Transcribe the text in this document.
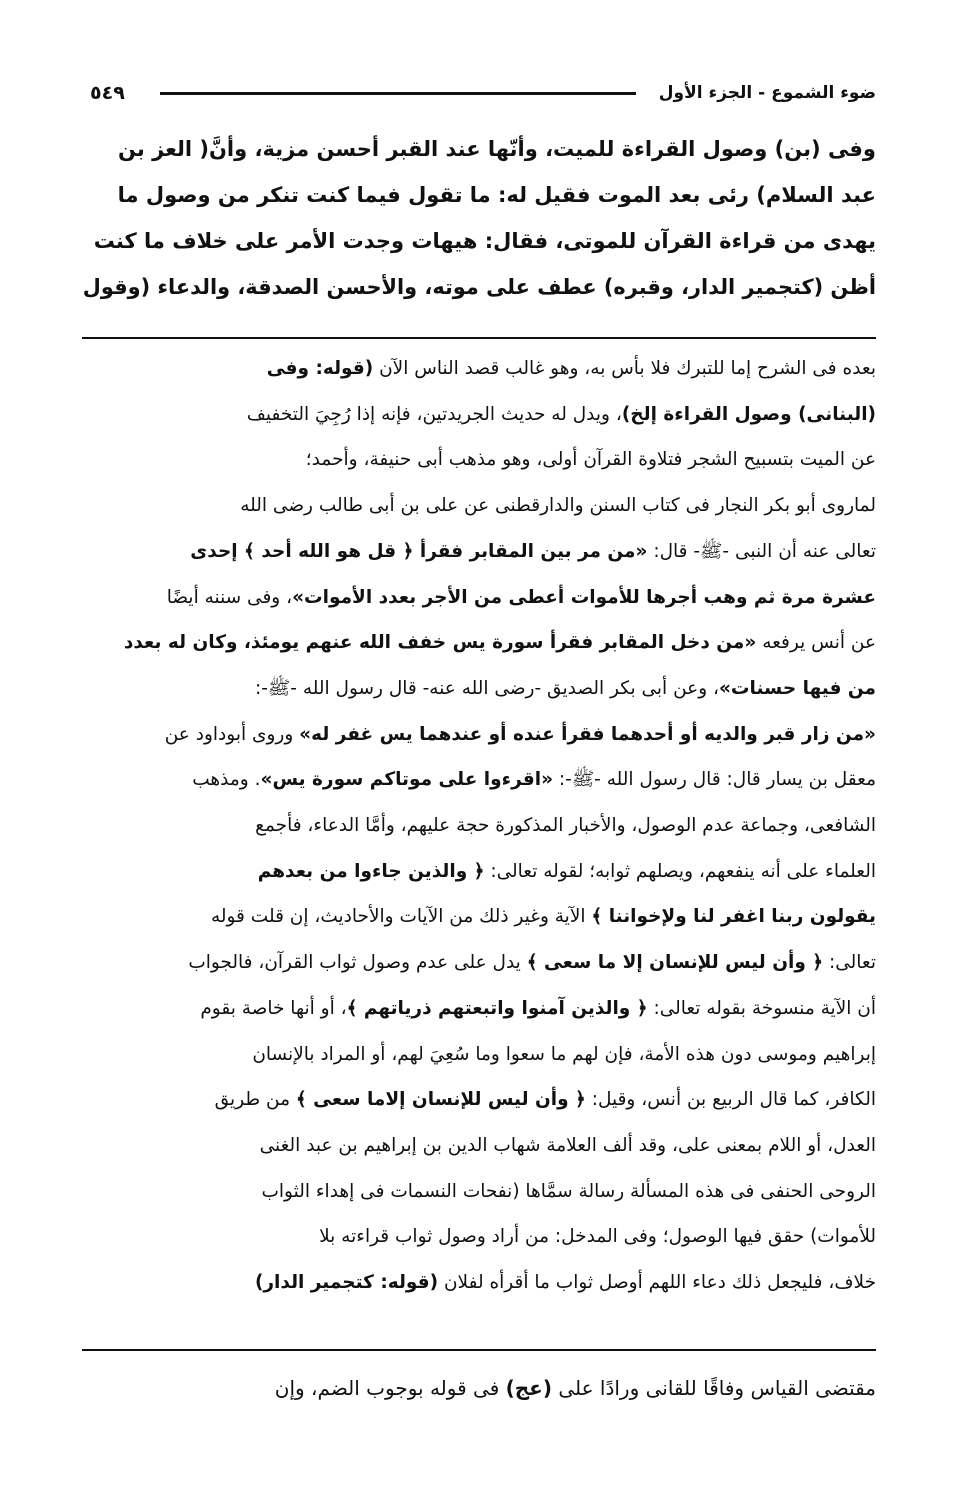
ضوء الشموع - الجزء الأول
٥٤٩
وفى (بن) وصول القراءة للميت، وأنّها عند القبر أحسن مزية، وأنَّ( العز بن
عبد السلام) رئى بعد الموت فقيل له: ما تقول فيما كنت تنكر من وصول ما
يهدى من قراءة القرآن للموتى، فقال: هيهات وجدت الأمر على خلاف ما كنت
أظن (كتجمير الدار، وقبره) عطف على موته، والأحسن الصدقة، والدعاء (وقول
بعده فى الشرح إما للتبرك فلا بأس به، وهو غالب قصد الناس الآن (قوله: وفى
(البنانى) وصول القراءة إلخ)، ويدل له حديث الجريدتين، فإنه إذا رُجِيَ التخفيف
عن الميت بتسبيح الشجر فتلاوة القرآن أولى، وهو مذهب أبى حنيفة، وأحمد؛
لماروى أبو بكر النجار فى كتاب السنن والدارقطنى عن على بن أبى طالب رضى الله
تعالى عنه أن النبى -ﷺ- قال: «من مر بين المقابر فقرأ ﴿ قل هو الله أحد ﴾ إحدى
عشرة مرة ثم وهب أجرها للأموات أعطى من الأجر بعدد الأموات»، وفى سننه أيضًا
عن أنس يرفعه «من دخل المقابر فقرأ سورة يس خفف الله عنهم يومئذ، وكان له بعدد
من فيها حسنات»، وعن أبى بكر الصديق -رضى الله عنه- قال رسول الله -ﷺ-:
«من زار قبر والديه أو أحدهما فقرأ عنده أو عندهما يس غفر له» وروى أبوداود عن
معقل بن يسار قال: قال رسول الله -ﷺ-: «اقرءوا على موتاكم سورة يس». ومذهب
الشافعى، وجماعة عدم الوصول، والأخبار المذكورة حجة عليهم، وأمَّا الدعاء، فأجمع
العلماء على أنه ينفعهم، ويصلهم ثوابه؛ لقوله تعالى: ﴿ والذين جاءوا من بعدهم
يقولون ربنا اغفر لنا ولإخواننا ﴾ الآية وغير ذلك من الآيات والأحاديث، إن قلت قوله
تعالى: ﴿ وأن ليس للإنسان إلا ما سعى ﴾ يدل على عدم وصول ثواب القرآن، فالجواب
أن الآية منسوخة بقوله تعالى: ﴿ والذين آمنوا واتبعتهم ذرياتهم ﴾، أو أنها خاصة بقوم
إبراهيم وموسى دون هذه الأمة، فإن لهم ما سعوا وما سُعِيَ لهم، أو المراد بالإنسان
الكافر، كما قال الربيع بن أنس، وقيل: ﴿ وأن ليس للإنسان إلاما سعى ﴾ من طريق
العدل، أو اللام بمعنى على، وقد ألف العلامة شهاب الدين بن إبراهيم بن عبد الغنى
الروحى الحنفى فى هذه المسألة رسالة سمَّاها (نفحات النسمات فى إهداء الثواب
للأموات) حقق فيها الوصول؛ وفى المدخل: من أراد وصول ثواب قراءته بلا
خلاف، فليجعل ذلك دعاء اللهم أوصل ثواب ما أقرأه لفلان (قوله: كتجمير الدار)
مقتضى القياس وفاقًا للقانى ورادًا على (عج) فى قوله بوجوب الضم، وإن
